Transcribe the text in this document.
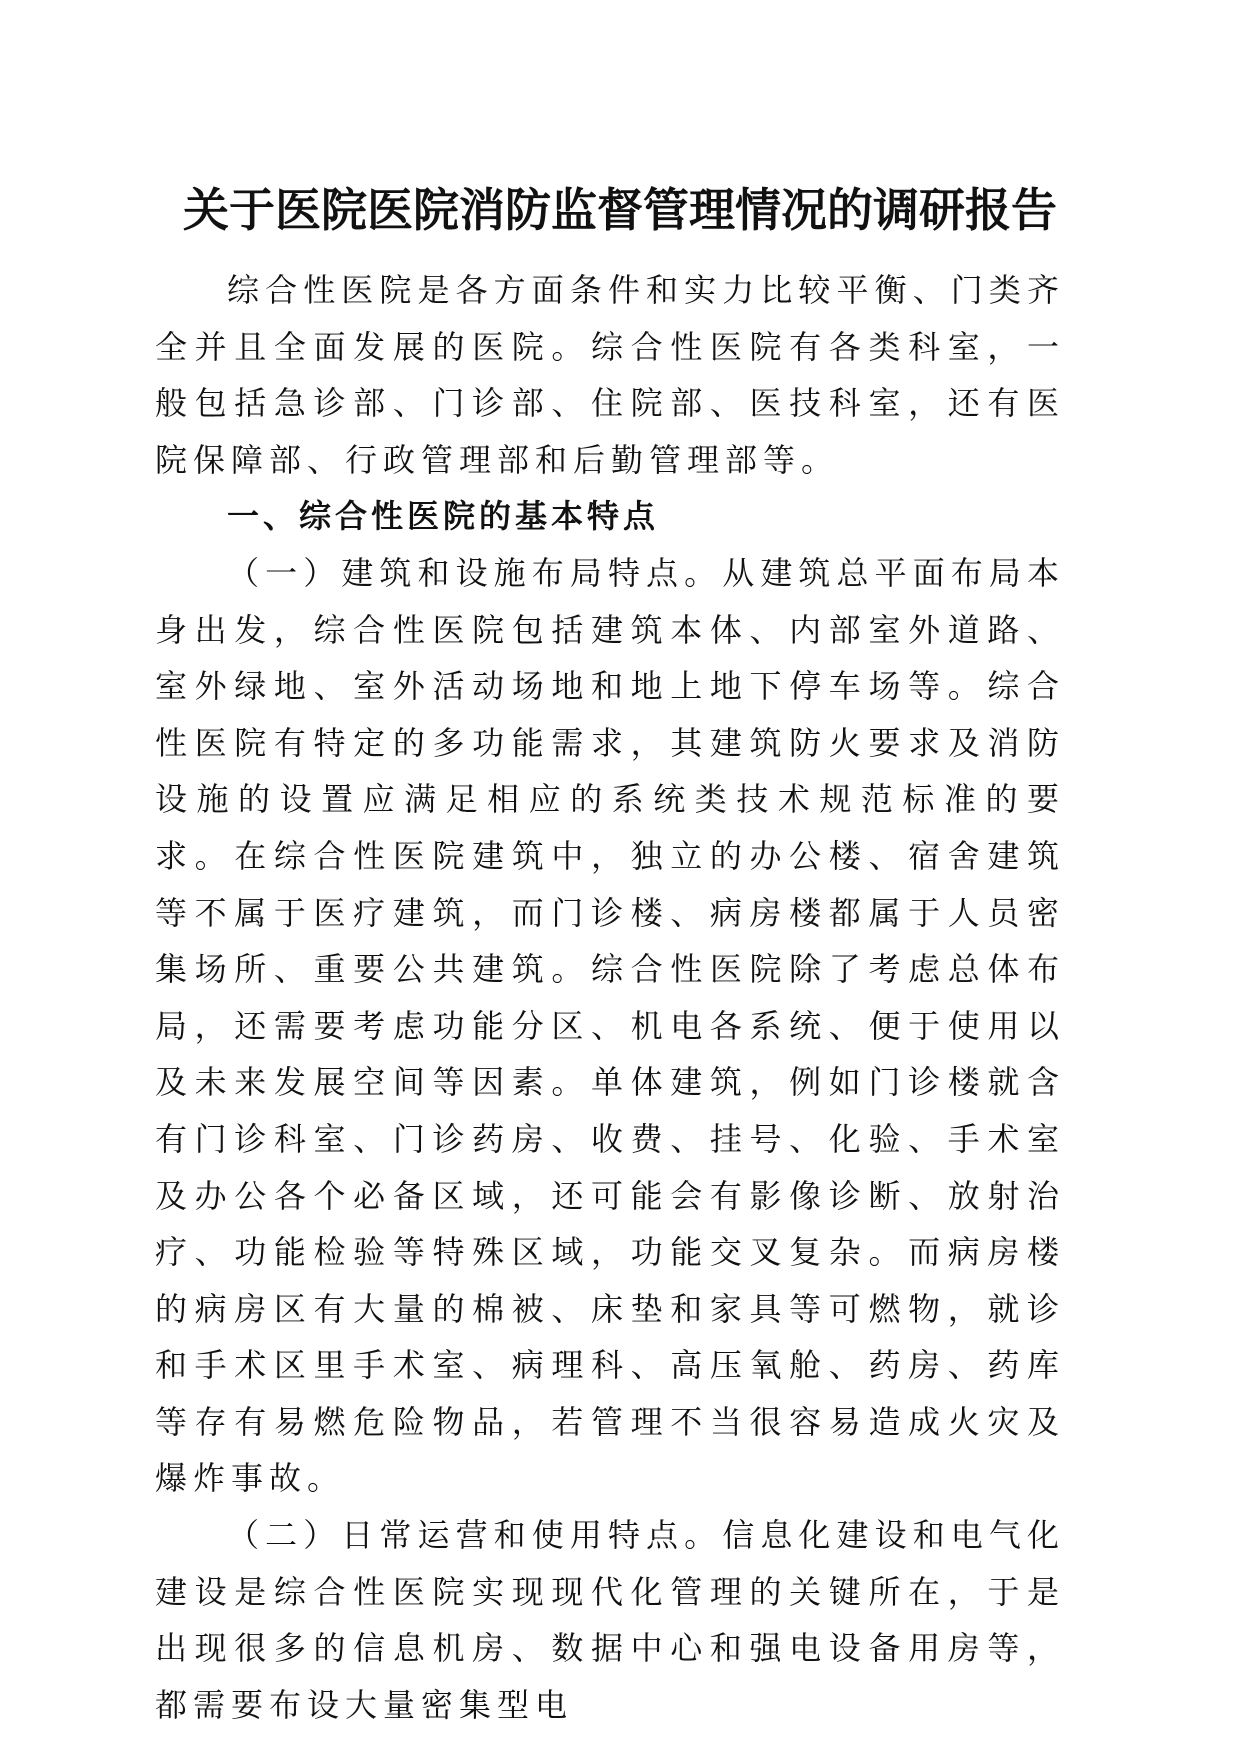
关于医院医院消防监督管理情况的调研报告

综合性医院是各方面条件和实力比较平衡、门类齐全并且全面发展的医院。综合性医院有各类科室，一般包括急诊部、门诊部、住院部、医技科室，还有医院保障部、行政管理部和后勤管理部等。

一、综合性医院的基本特点

（一）建筑和设施布局特点。从建筑总平面布局本身出发，综合性医院包括建筑本体、内部室外道路、室外绿地、室外活动场地和地上地下停车场等。综合性医院有特定的多功能需求，其建筑防火要求及消防设施的设置应满足相应的系统类技术规范标准的要求。在综合性医院建筑中，独立的办公楼、宿舍建筑等不属于医疗建筑，而门诊楼、病房楼都属于人员密集场所、重要公共建筑。综合性医院除了考虑总体布局，还需要考虑功能分区、机电各系统、便于使用以及未来发展空间等因素。单体建筑，例如门诊楼就含有门诊科室、门诊药房、收费、挂号、化验、手术室及办公各个必备区域，还可能会有影像诊断、放射治疗、功能检验等特殊区域，功能交叉复杂。而病房楼的病房区有大量的棉被、床垫和家具等可燃物，就诊和手术区里手术室、病理科、高压氧舱、药房、药库等存有易燃危险物品，若管理不当很容易造成火灾及爆炸事故。

（二）日常运营和使用特点。信息化建设和电气化建设是综合性医院实现现代化管理的关键所在，于是出现很多的信息机房、数据中心和强电设备用房等，都需要布设大量密集型电
